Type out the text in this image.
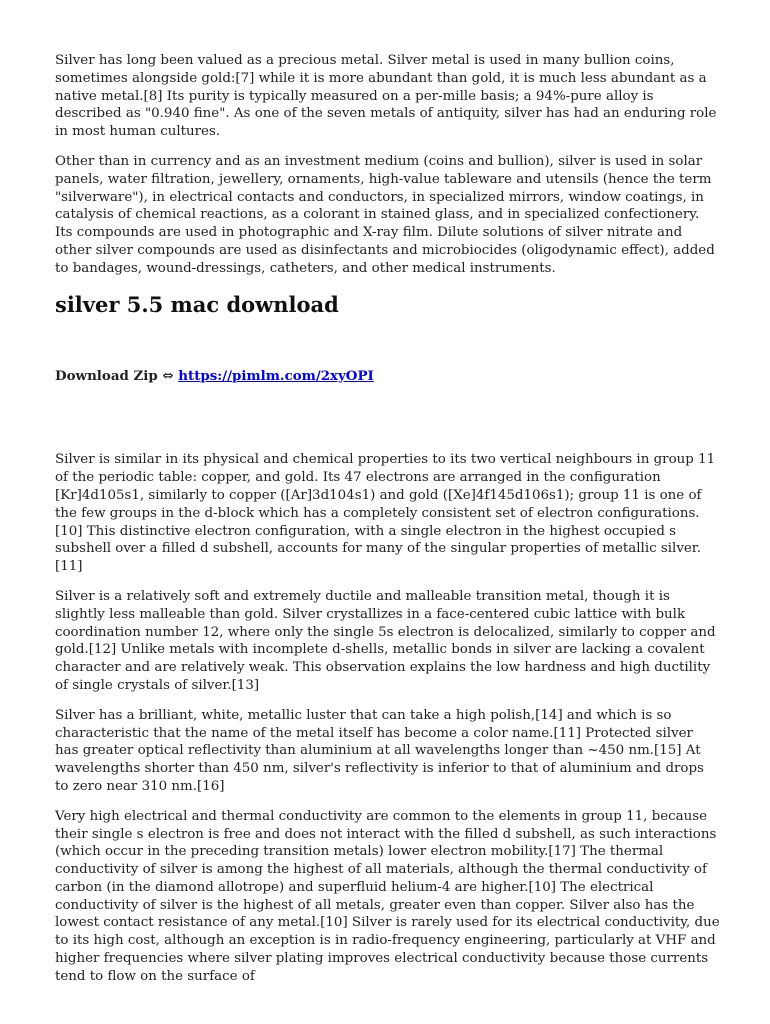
Silver has long been valued as a precious metal. Silver metal is used in many bullion coins, sometimes alongside gold:[7] while it is more abundant than gold, it is much less abundant as a native metal.[8] Its purity is typically measured on a per-mille basis; a 94%-pure alloy is described as "0.940 fine". As one of the seven metals of antiquity, silver has had an enduring role in most human cultures.

Other than in currency and as an investment medium (coins and bullion), silver is used in solar panels, water filtration, jewellery, ornaments, high-value tableware and utensils (hence the term "silverware"), in electrical contacts and conductors, in specialized mirrors, window coatings, in catalysis of chemical reactions, as a colorant in stained glass, and in specialized confectionery. Its compounds are used in photographic and X-ray film. Dilute solutions of silver nitrate and other silver compounds are used as disinfectants and microbiocides (oligodynamic effect), added to bandages, wound-dressings, catheters, and other medical instruments.

silver 5.5 mac download
Download Zip ⇔ https://pimlm.com/2xyOPI

Silver is similar in its physical and chemical properties to its two vertical neighbours in group 11 of the periodic table: copper, and gold. Its 47 electrons are arranged in the configuration [Kr]4d105s1, similarly to copper ([Ar]3d104s1) and gold ([Xe]4f145d106s1); group 11 is one of the few groups in the d-block which has a completely consistent set of electron configurations.[10] This distinctive electron configuration, with a single electron in the highest occupied s subshell over a filled d subshell, accounts for many of the singular properties of metallic silver.[11]

Silver is a relatively soft and extremely ductile and malleable transition metal, though it is slightly less malleable than gold. Silver crystallizes in a face-centered cubic lattice with bulk coordination number 12, where only the single 5s electron is delocalized, similarly to copper and gold.[12] Unlike metals with incomplete d-shells, metallic bonds in silver are lacking a covalent character and are relatively weak. This observation explains the low hardness and high ductility of single crystals of silver.[13]

Silver has a brilliant, white, metallic luster that can take a high polish,[14] and which is so characteristic that the name of the metal itself has become a color name.[11] Protected silver has greater optical reflectivity than aluminium at all wavelengths longer than ~450 nm.[15] At wavelengths shorter than 450 nm, silver's reflectivity is inferior to that of aluminium and drops to zero near 310 nm.[16]

Very high electrical and thermal conductivity are common to the elements in group 11, because their single s electron is free and does not interact with the filled d subshell, as such interactions (which occur in the preceding transition metals) lower electron mobility.[17] The thermal conductivity of silver is among the highest of all materials, although the thermal conductivity of carbon (in the diamond allotrope) and superfluid helium-4 are higher.[10] The electrical conductivity of silver is the highest of all metals, greater even than copper. Silver also has the lowest contact resistance of any metal.[10] Silver is rarely used for its electrical conductivity, due to its high cost, although an exception is in radio-frequency engineering, particularly at VHF and higher frequencies where silver plating improves electrical conductivity because those currents tend to flow on the surface of
